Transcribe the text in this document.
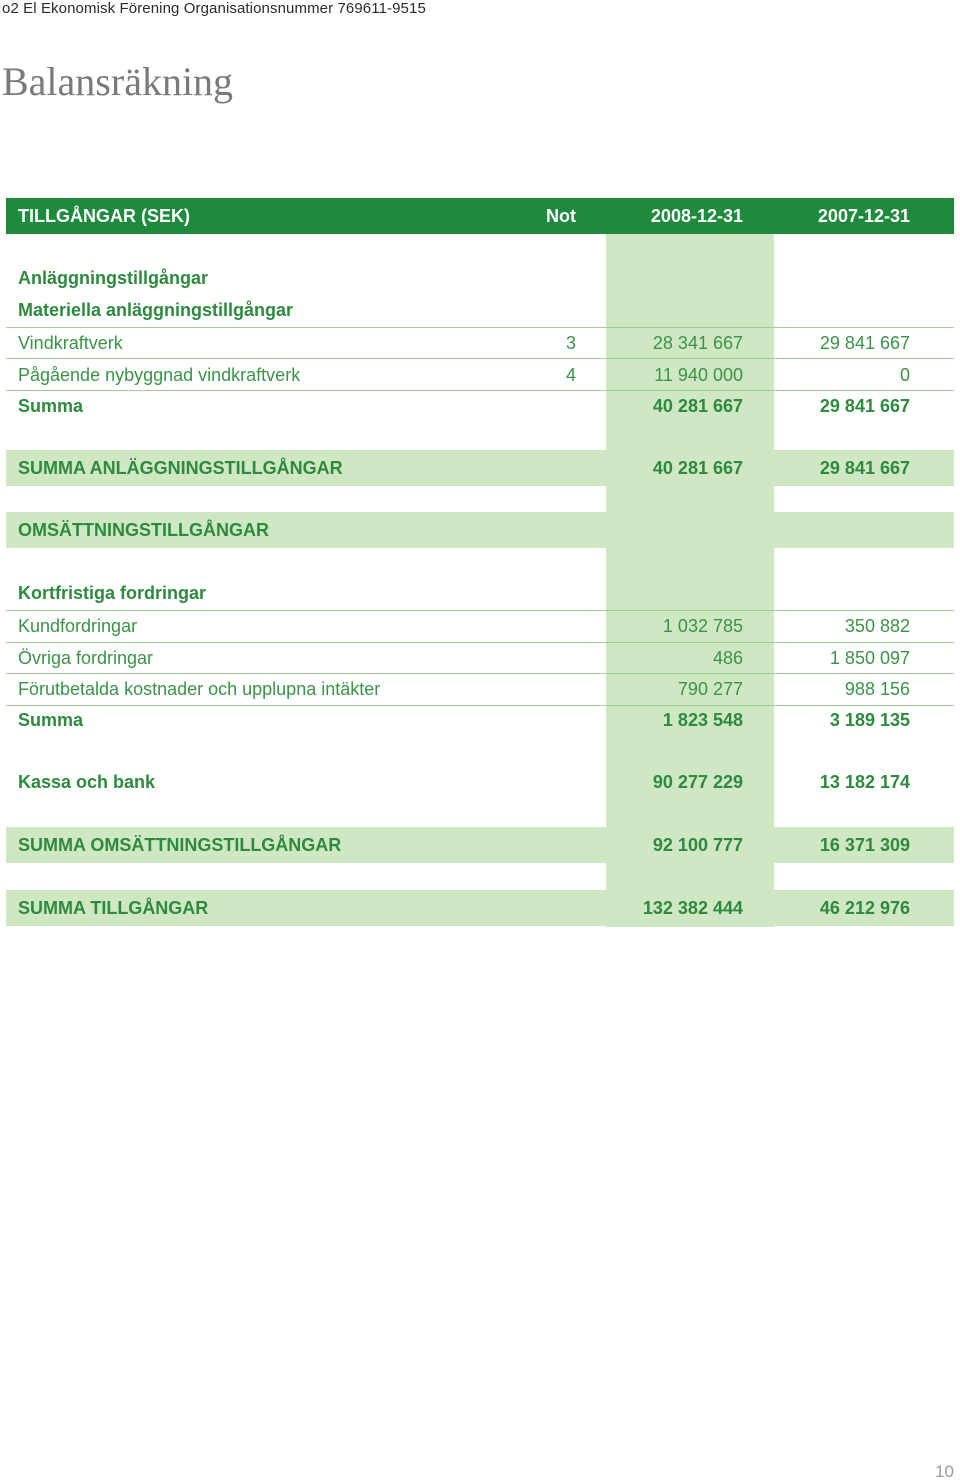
o2 El Ekonomisk Förening Organisationsnummer 769611-9515
Balansräkning
TILLGÅNGAR (SEK)	Not	2008-12-31	2007-12-31
Anläggningstillgångar
Materiella anläggningstillgångar
Vindkraftverk	3	28 341 667	29 841 667
Pågående nybyggnad vindkraftverk	4	11 940 000	0
Summa	40 281 667	29 841 667
SUMMA ANLÄGGNINGSTILLGÅNGAR	40 281 667	29 841 667
OMSÄTTNINGSTILLGÅNGAR
Kortfristiga fordringar
Kundfordringar	1 032 785	350 882
Övriga fordringar	486	1 850 097
Förutbetalda kostnader och upplupna intäkter	790 277	988 156
Summa	1 823 548	3 189 135
Kassa och bank	90 277 229	13 182 174
SUMMA OMSÄTTNINGSTILLGÅNGAR	92 100 777	16 371 309
SUMMA TILLGÅNGAR	132 382 444	46 212 976
10
